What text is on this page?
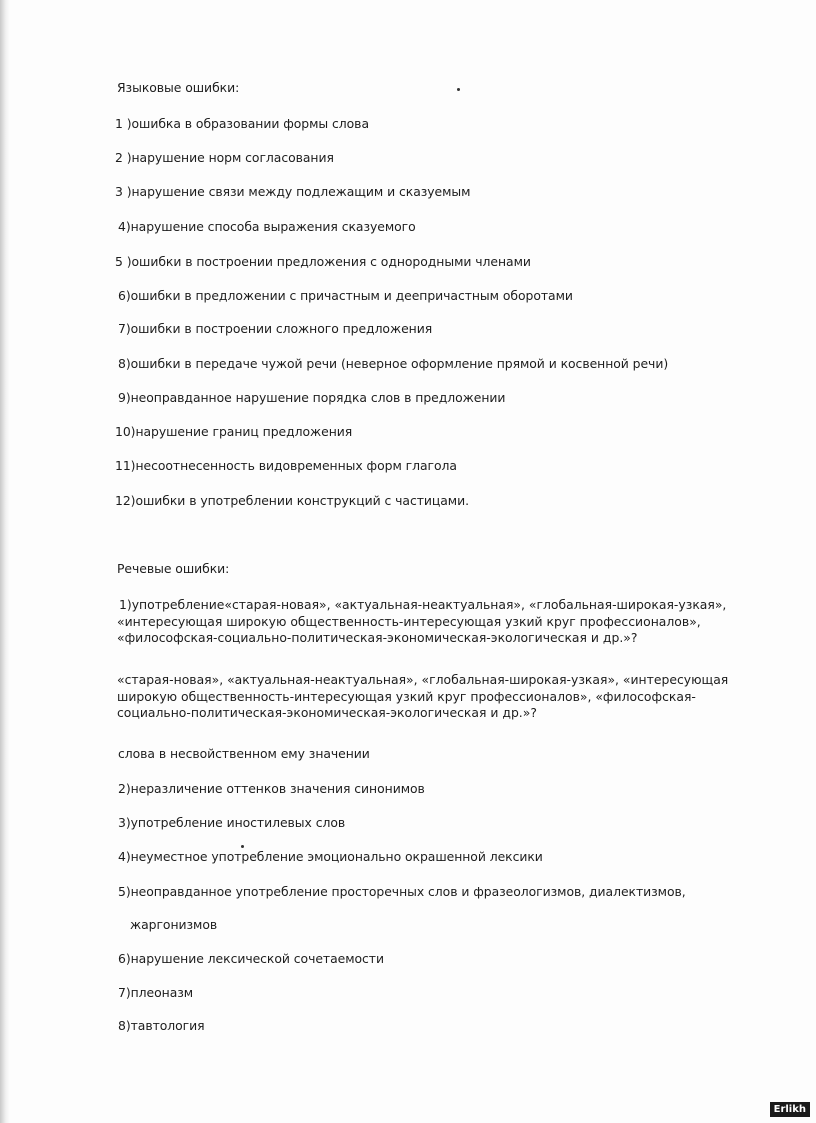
Языковые ошибки:
1 )ошибка в образовании формы слова
2 )нарушение норм согласования
3 )нарушение связи между подлежащим и сказуемым
4)нарушение способа выражения сказуемого
5 )ошибки в построении предложения с однородными членами
6)ошибки в предложении с причастным и деепричастным оборотами
7)ошибки в построении сложного предложения
8)ошибки в передаче чужой речи (неверное оформление прямой и косвенной речи)
9)неоправданное нарушение порядка слов в предложении
10)нарушение границ предложения
11)несоотнесенность видовременных форм глагола
12)ошибки в употреблении конструкций с частицами.
Речевые ошибки:
1)употребление«старая-новая», «актуальная-неактуальная», «глобальная-широкая-узкая», «интересующая широкую общественность-интересующая узкий круг профессионалов», «философская-социально-политическая-экономическая-экологическая и др.»?
«старая-новая», «актуальная-неактуальная», «глобальная-широкая-узкая», «интересующая широкую общественность-интересующая узкий круг профессионалов», «философская-социально-политическая-экономическая-экологическая и др.»?
слова в несвойственном ему значении
2)неразличение оттенков значения синонимов
3)употребление иностилевых слов
4)неуместное употребление эмоционально окрашенной лексики
5)неоправданное употребление просторечных слов и фразеологизмов, диалектизмов,
жаргонизмов
6)нарушение лексической сочетаемости
7)плеоназм
8)тавтология
Erlikh
